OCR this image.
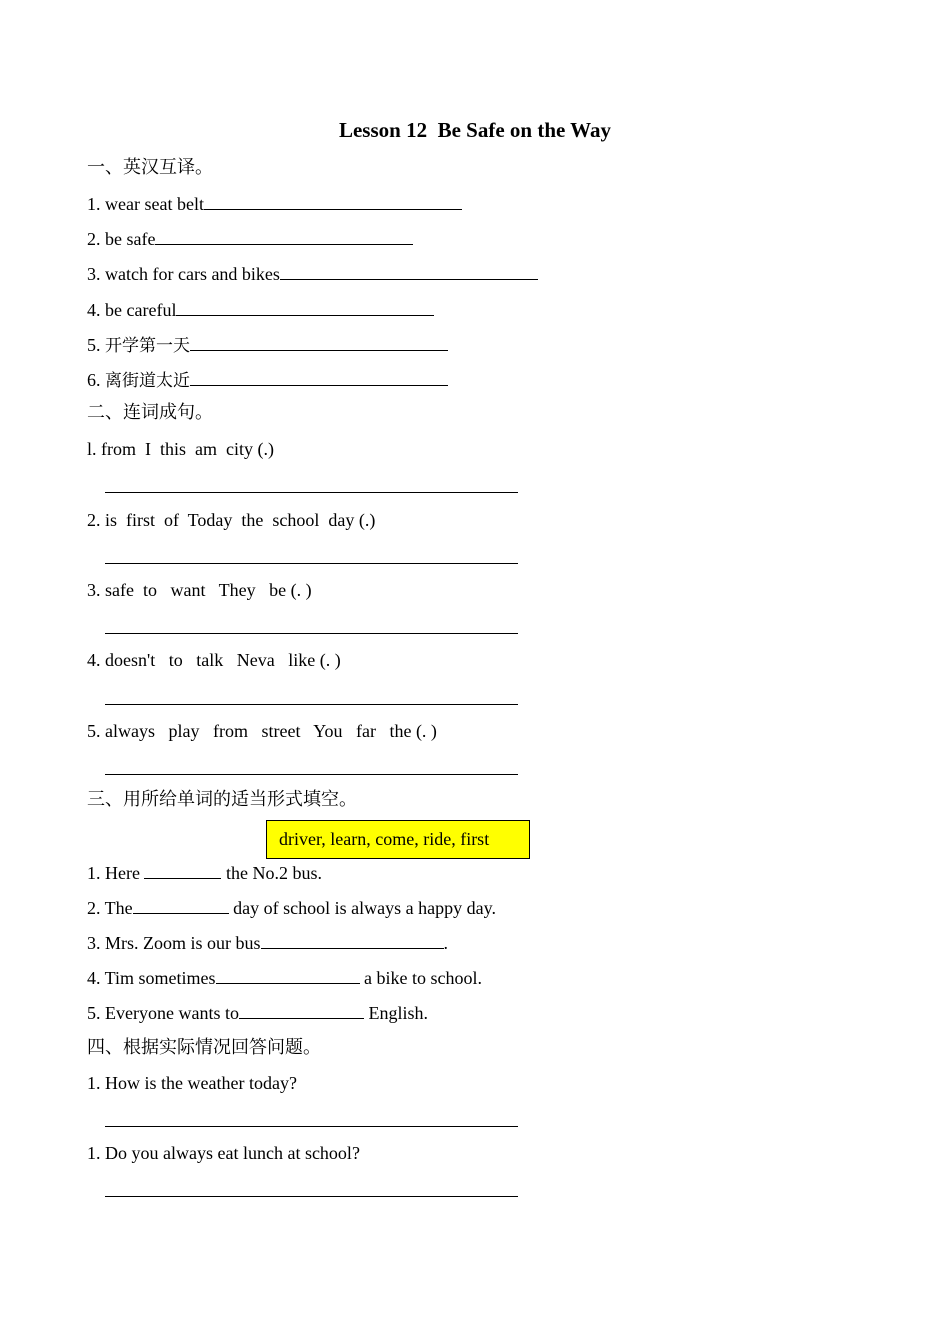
Lesson 12  Be Safe on the Way
一、英汉互译。
1. wear seat belt
2. be safe
3. watch for cars and bikes
4. be careful
5. 开学第一天
6. 离街道太近
二、连词成句。
l. from  I  this  am  city (.)
2. is  first  of  Today  the  school  day (.)
3. safe  to   want   They   be (. )
4. doesn't   to   talk   Neva   like (. )
5. always   play   from   street   You   far   the (. )
三、用所给单词的适当形式填空。
driver, learn, come, ride, first
1. Here	the No.2 bus.
2. The	day of school is always a happy day.
3. Mrs. Zoom is our bus	.
4. Tim sometimes	a bike to school.
5. Everyone wants to	English.
四、根据实际情况回答问题。
1. How is the weather today?
1. Do you always eat lunch at school?
